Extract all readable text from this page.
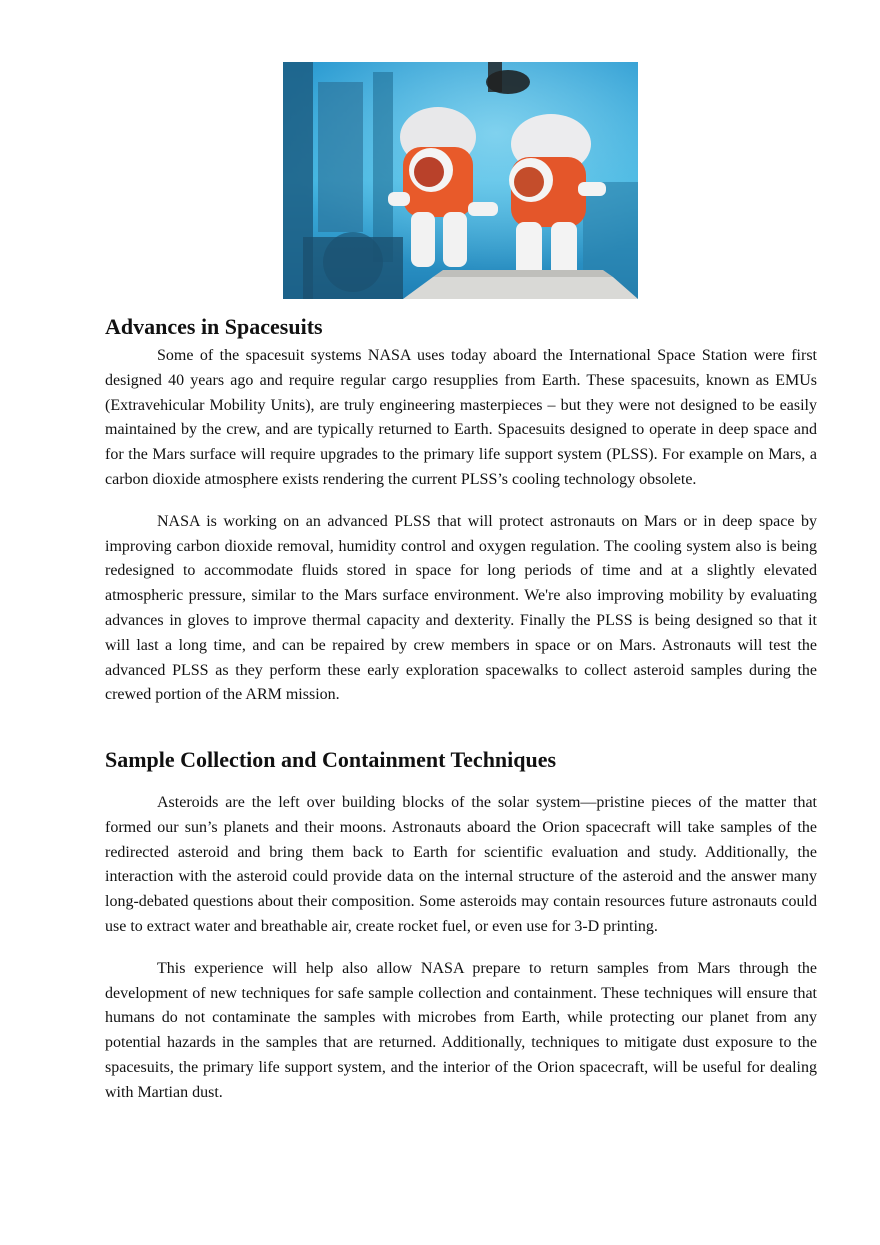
Advances in Spacesuits

Some of the spacesuit systems NASA uses today aboard the International Space Station were first designed 40 years ago and require regular cargo resupplies from Earth. These spacesuits, known as EMUs (Extravehicular Mobility Units), are truly engineering masterpieces – but they were not designed to be easily maintained by the crew, and are typically returned to Earth. Spacesuits designed to operate in deep space and for the Mars surface will require upgrades to the primary life support system (PLSS). For example on Mars, a carbon dioxide atmosphere exists rendering the current PLSS’s cooling technology obsolete.

NASA is working on an advanced PLSS that will protect astronauts on Mars or in deep space by improving carbon dioxide removal, humidity control and oxygen regulation. The cooling system also is being redesigned to accommodate fluids stored in space for long periods of time and at a slightly elevated atmospheric pressure, similar to the Mars surface environment. We're also improving mobility by evaluating advances in gloves to improve thermal capacity and dexterity. Finally the PLSS is being designed so that it will last a long time, and can be repaired by crew members in space or on Mars. Astronauts will test the advanced PLSS as they perform these early exploration spacewalks to collect asteroid samples during the crewed portion of the ARM mission.

Sample Collection and Containment Techniques

Asteroids are the left over building blocks of the solar system—pristine pieces of the matter that formed our sun’s planets and their moons. Astronauts aboard the Orion spacecraft will take samples of the redirected asteroid and bring them back to Earth for scientific evaluation and study. Additionally, the interaction with the asteroid could provide data on the internal structure of the asteroid and the answer many long-debated questions about their composition. Some asteroids may contain resources future astronauts could use to extract water and breathable air, create rocket fuel, or even use for 3-D printing.

This experience will help also allow NASA prepare to return samples from Mars through the development of new techniques for safe sample collection and containment. These techniques will ensure that humans do not contaminate the samples with microbes from Earth, while protecting our planet from any potential hazards in the samples that are returned. Additionally, techniques to mitigate dust exposure to the spacesuits, the primary life support system, and the interior of the Orion spacecraft, will be useful for dealing with Martian dust.
